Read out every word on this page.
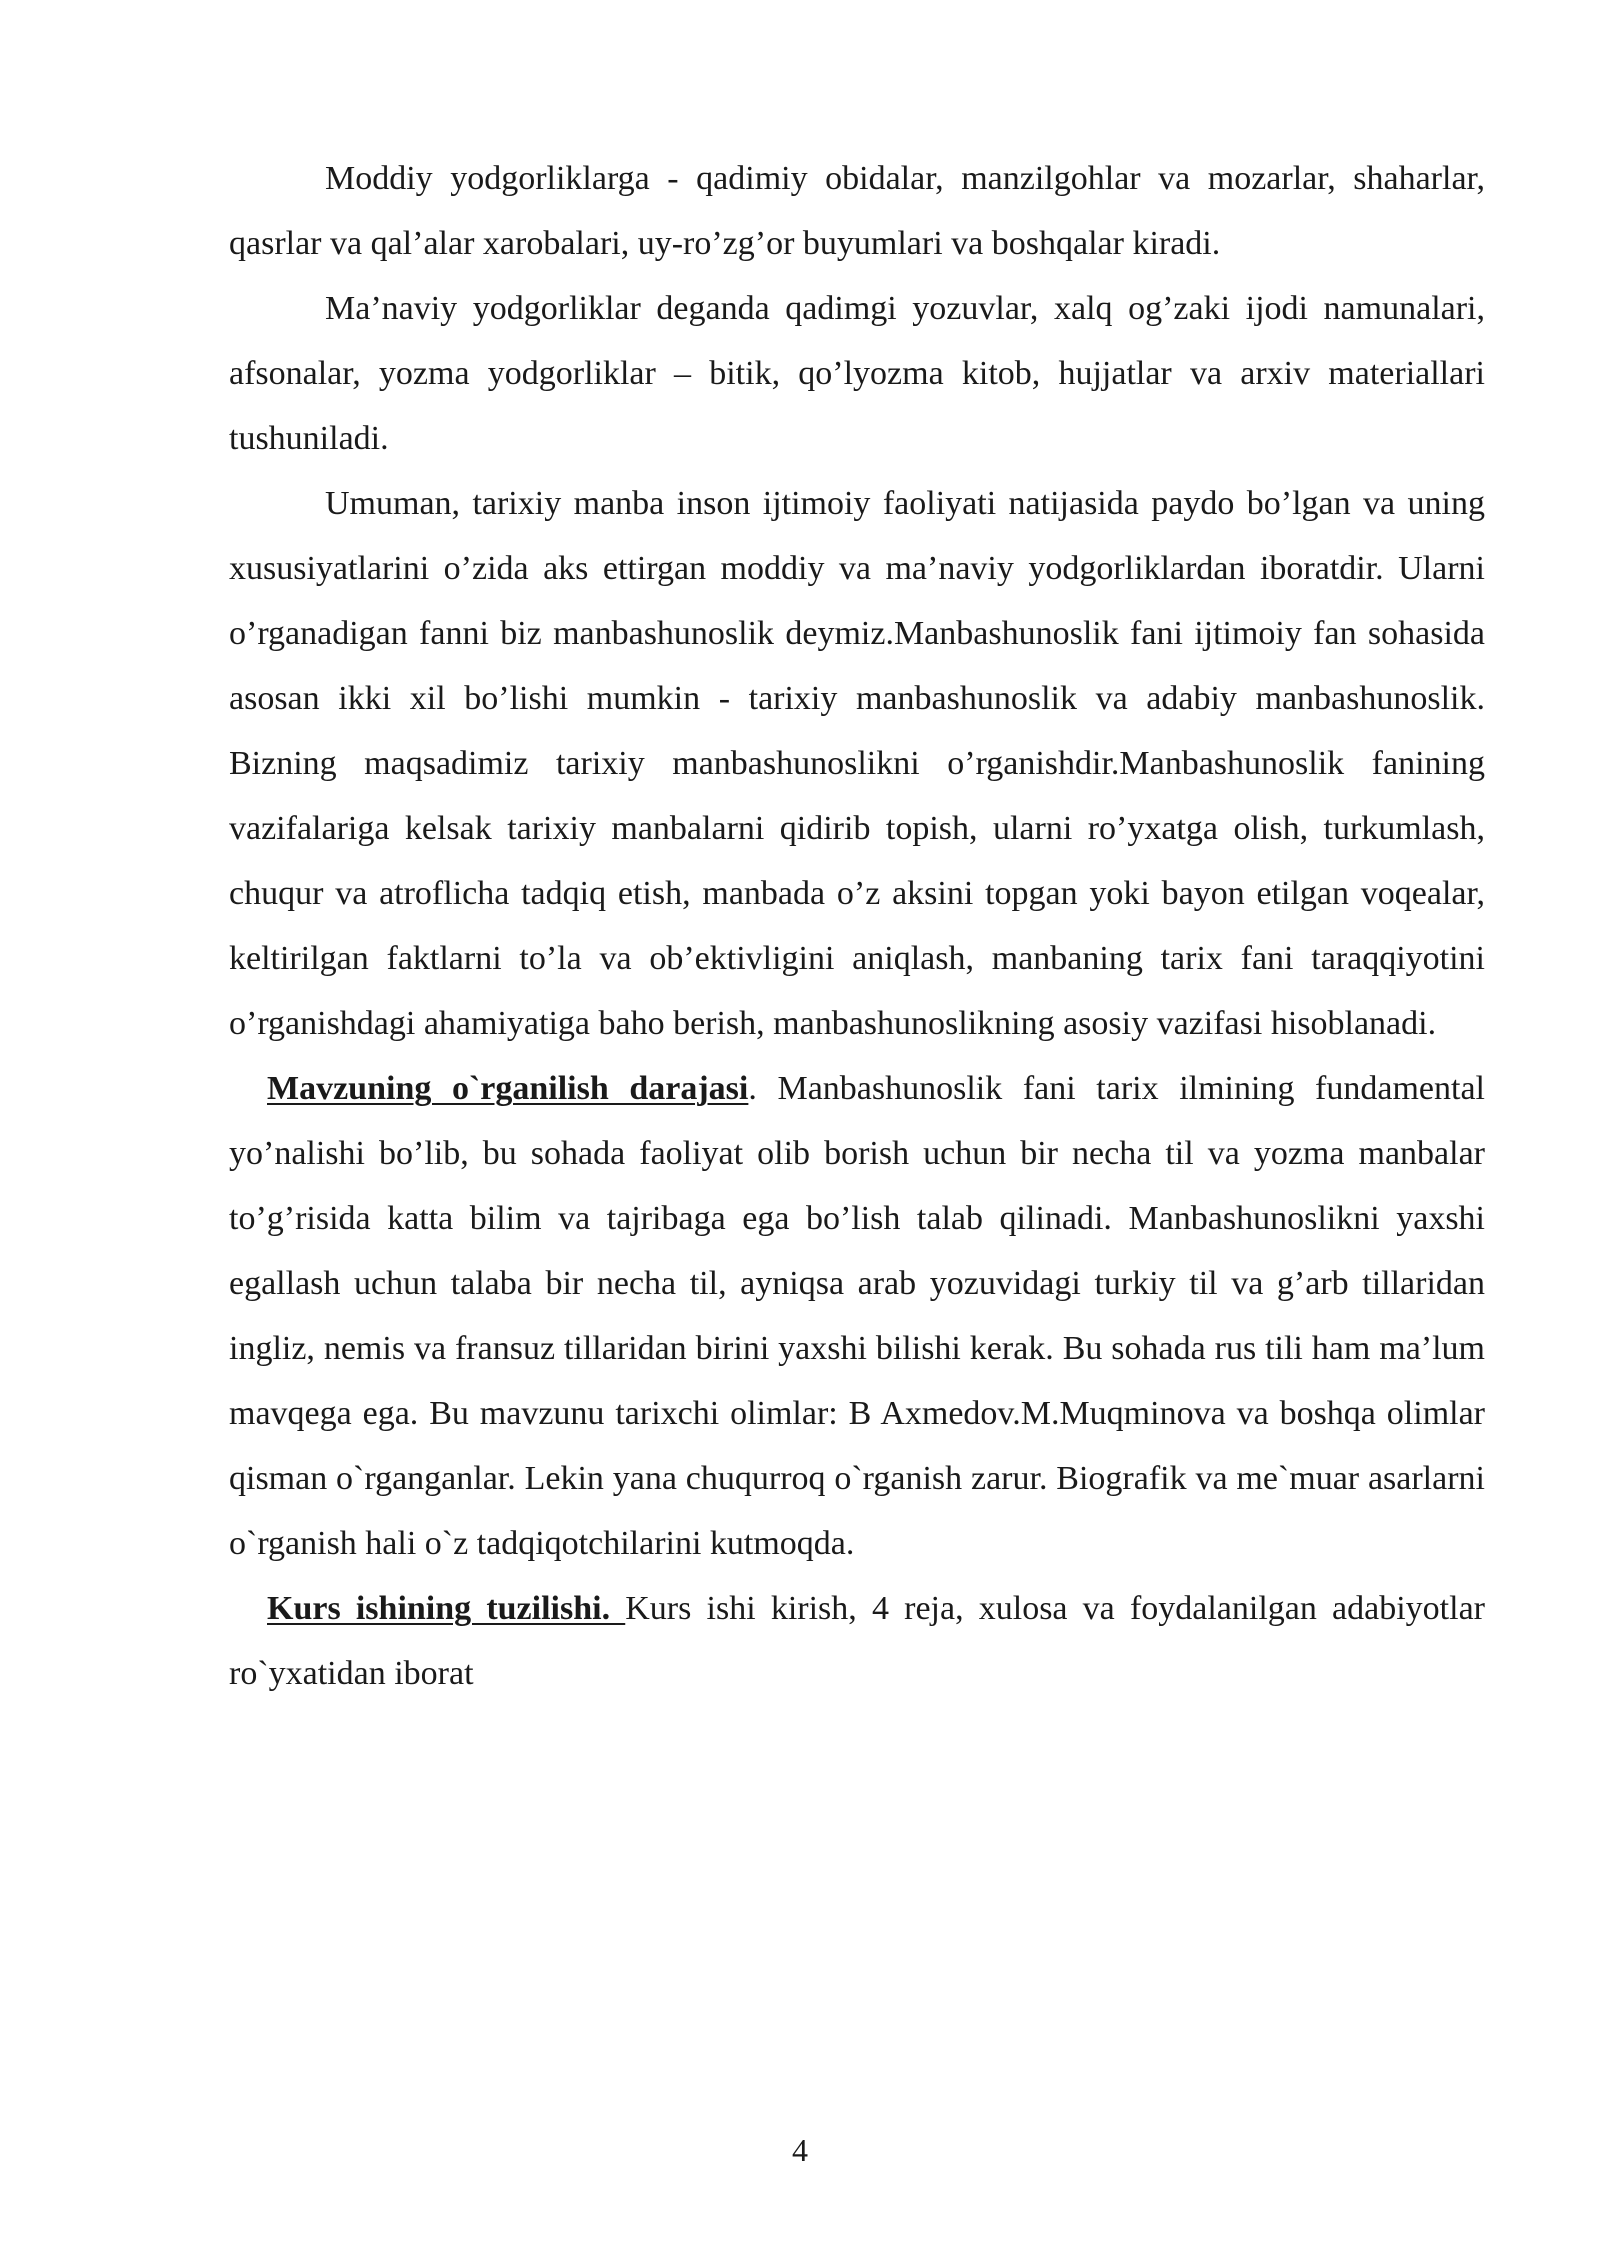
Moddiy yodgorliklarga - qadimiy obidalar, manzilgohlar va mozarlar, shaharlar, qasrlar va qal’alar xarobalari, uy-ro’zg’or buyumlari va boshqalar kiradi.

Ma’naviy yodgorliklar deganda qadimgi yozuvlar, xalq og’zaki ijodi namunalari, afsonalar, yozma yodgorliklar – bitik, qo’lyozma kitob, hujjatlar va arxiv materiallari tushuniladi.

Umuman, tarixiy manba inson ijtimoiy faoliyati natijasida paydo bo’lgan va uning xususiyatlarini o’zida aks ettirgan moddiy va ma’naviy yodgorliklardan iboratdir. Ularni o’rganadigan fanni biz manbashunoslik deymiz.Manbashunoslik fani ijtimoiy fan sohasida asosan ikki xil bo’lishi mumkin - tarixiy manbashunoslik va adabiy manbashunoslik. Bizning maqsadimiz tarixiy manbashunoslikni o’rganishdir.Manbashunoslik fanining vazifalariga kelsak tarixiy manbalarni qidirib topish, ularni ro’yxatga olish, turkumlash, chuqur va atroflicha tadqiq etish, manbada o’z aksini topgan yoki bayon etilgan voqealar, keltirilgan faktlarni to’la va ob’ektivligini aniqlash, manbaning tarix fani taraqqiyotini o’rganishdagi ahamiyatiga baho berish, manbashunoslikning asosiy vazifasi hisoblanadi.

Mavzuning o`rganilish darajasi. Manbashunoslik fani tarix ilmining fundamental yo’nalishi bo’lib, bu sohada faoliyat olib borish uchun bir necha til va yozma manbalar to’g’risida katta bilim va tajribaga ega bo’lish talab qilinadi. Manbashunoslikni yaxshi egallash uchun talaba bir necha til, ayniqsa arab yozuvidagi turkiy til va g’arb tillaridan ingliz, nemis va fransuz tillaridan birini yaxshi bilishi kerak. Bu sohada rus tili ham ma’lum mavqega ega. Bu mavzunu tarixchi olimlar: B Axmedov.M.Muqminova va boshqa olimlar qisman o`rganganlar. Lekin yana chuqurroq o`rganish zarur. Biografik va me`muar asarlarni o`rganish hali o`z tadqiqotchilarini kutmoqda.

Kurs ishining tuzilishi. Kurs ishi kirish, 4 reja, xulosa va foydalanilgan adabiyotlar ro`yxatidan iborat

4
